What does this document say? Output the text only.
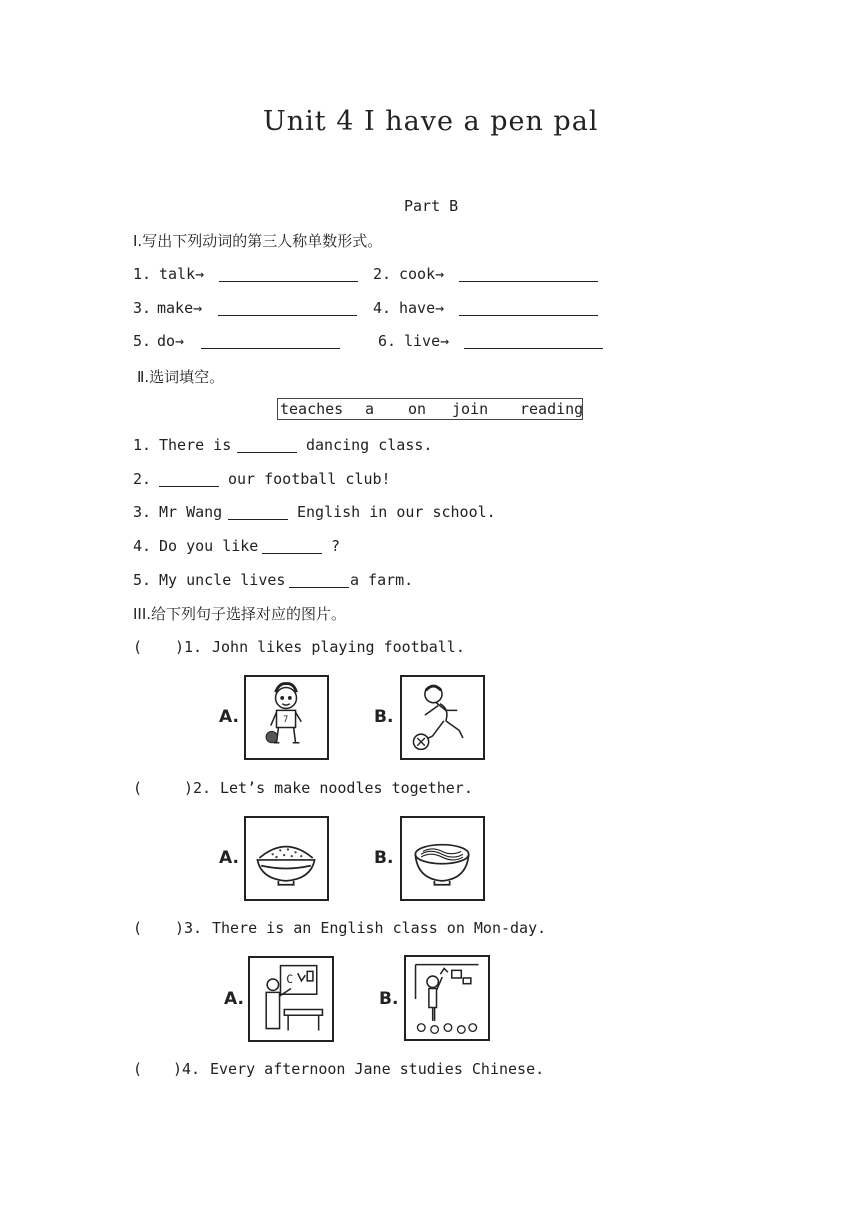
Unit 4 I have a pen pal
Part B
Ⅰ.写出下列动词的第三人称单数形式。
1. talk→	2. cook→
3. make→	4. have→
5. do→	6. live→
Ⅱ.选词填空。
teaches a on join reading
1. There is	dancing class.
2.	our football club!
3. Mr Wang	English in our school.
4. Do you like	?
5. My uncle lives	a farm.
III.给下列句子选择对应的图片。
( )1. John likes playing football.
A.	7	B.
(	)2. Let’s make noodles together.
A.	B.
( )3. There is an English class on Mon-day.
A.
C
B.
( )4. Every afternoon Jane studies Chinese.
